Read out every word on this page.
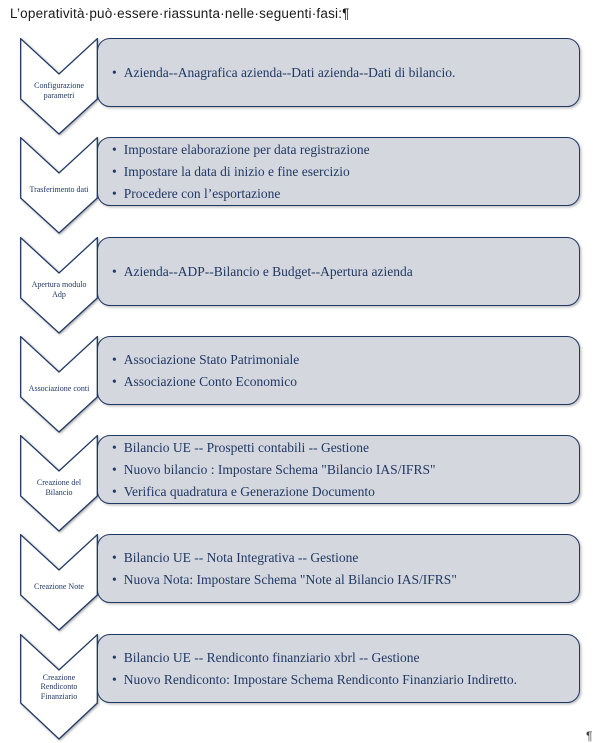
L’operatività·può·essere·riassunta·nelle·seguenti·fasi:¶
Configurazione
parametri
• Azienda--Anagrafica azienda--Dati azienda--Dati di bilancio.
Trasferimento dati
• Impostare elaborazione per data registrazione
• Impostare la data di inizio e fine esercizio
• Procedere con l’esportazione
Apertura modulo
Adp
• Azienda--ADP--Bilancio e Budget--Apertura azienda
Associazione conti
• Associazione Stato Patrimoniale
• Associazione Conto Economico
Creazione del
Bilancio
• Bilancio UE -- Prospetti contabili -- Gestione
• Nuovo bilancio : Impostare Schema "Bilancio IAS/IFRS"
• Verifica quadratura e Generazione Documento
Creazione Note
• Bilancio UE -- Nota Integrativa -- Gestione
• Nuova Nota: Impostare Schema "Note al Bilancio IAS/IFRS"
Creazione
Rendiconto
Finanziario
• Bilancio UE -- Rendiconto finanziario xbrl -- Gestione
• Nuovo Rendiconto: Impostare Schema Rendiconto Finanziario Indiretto.
¶
